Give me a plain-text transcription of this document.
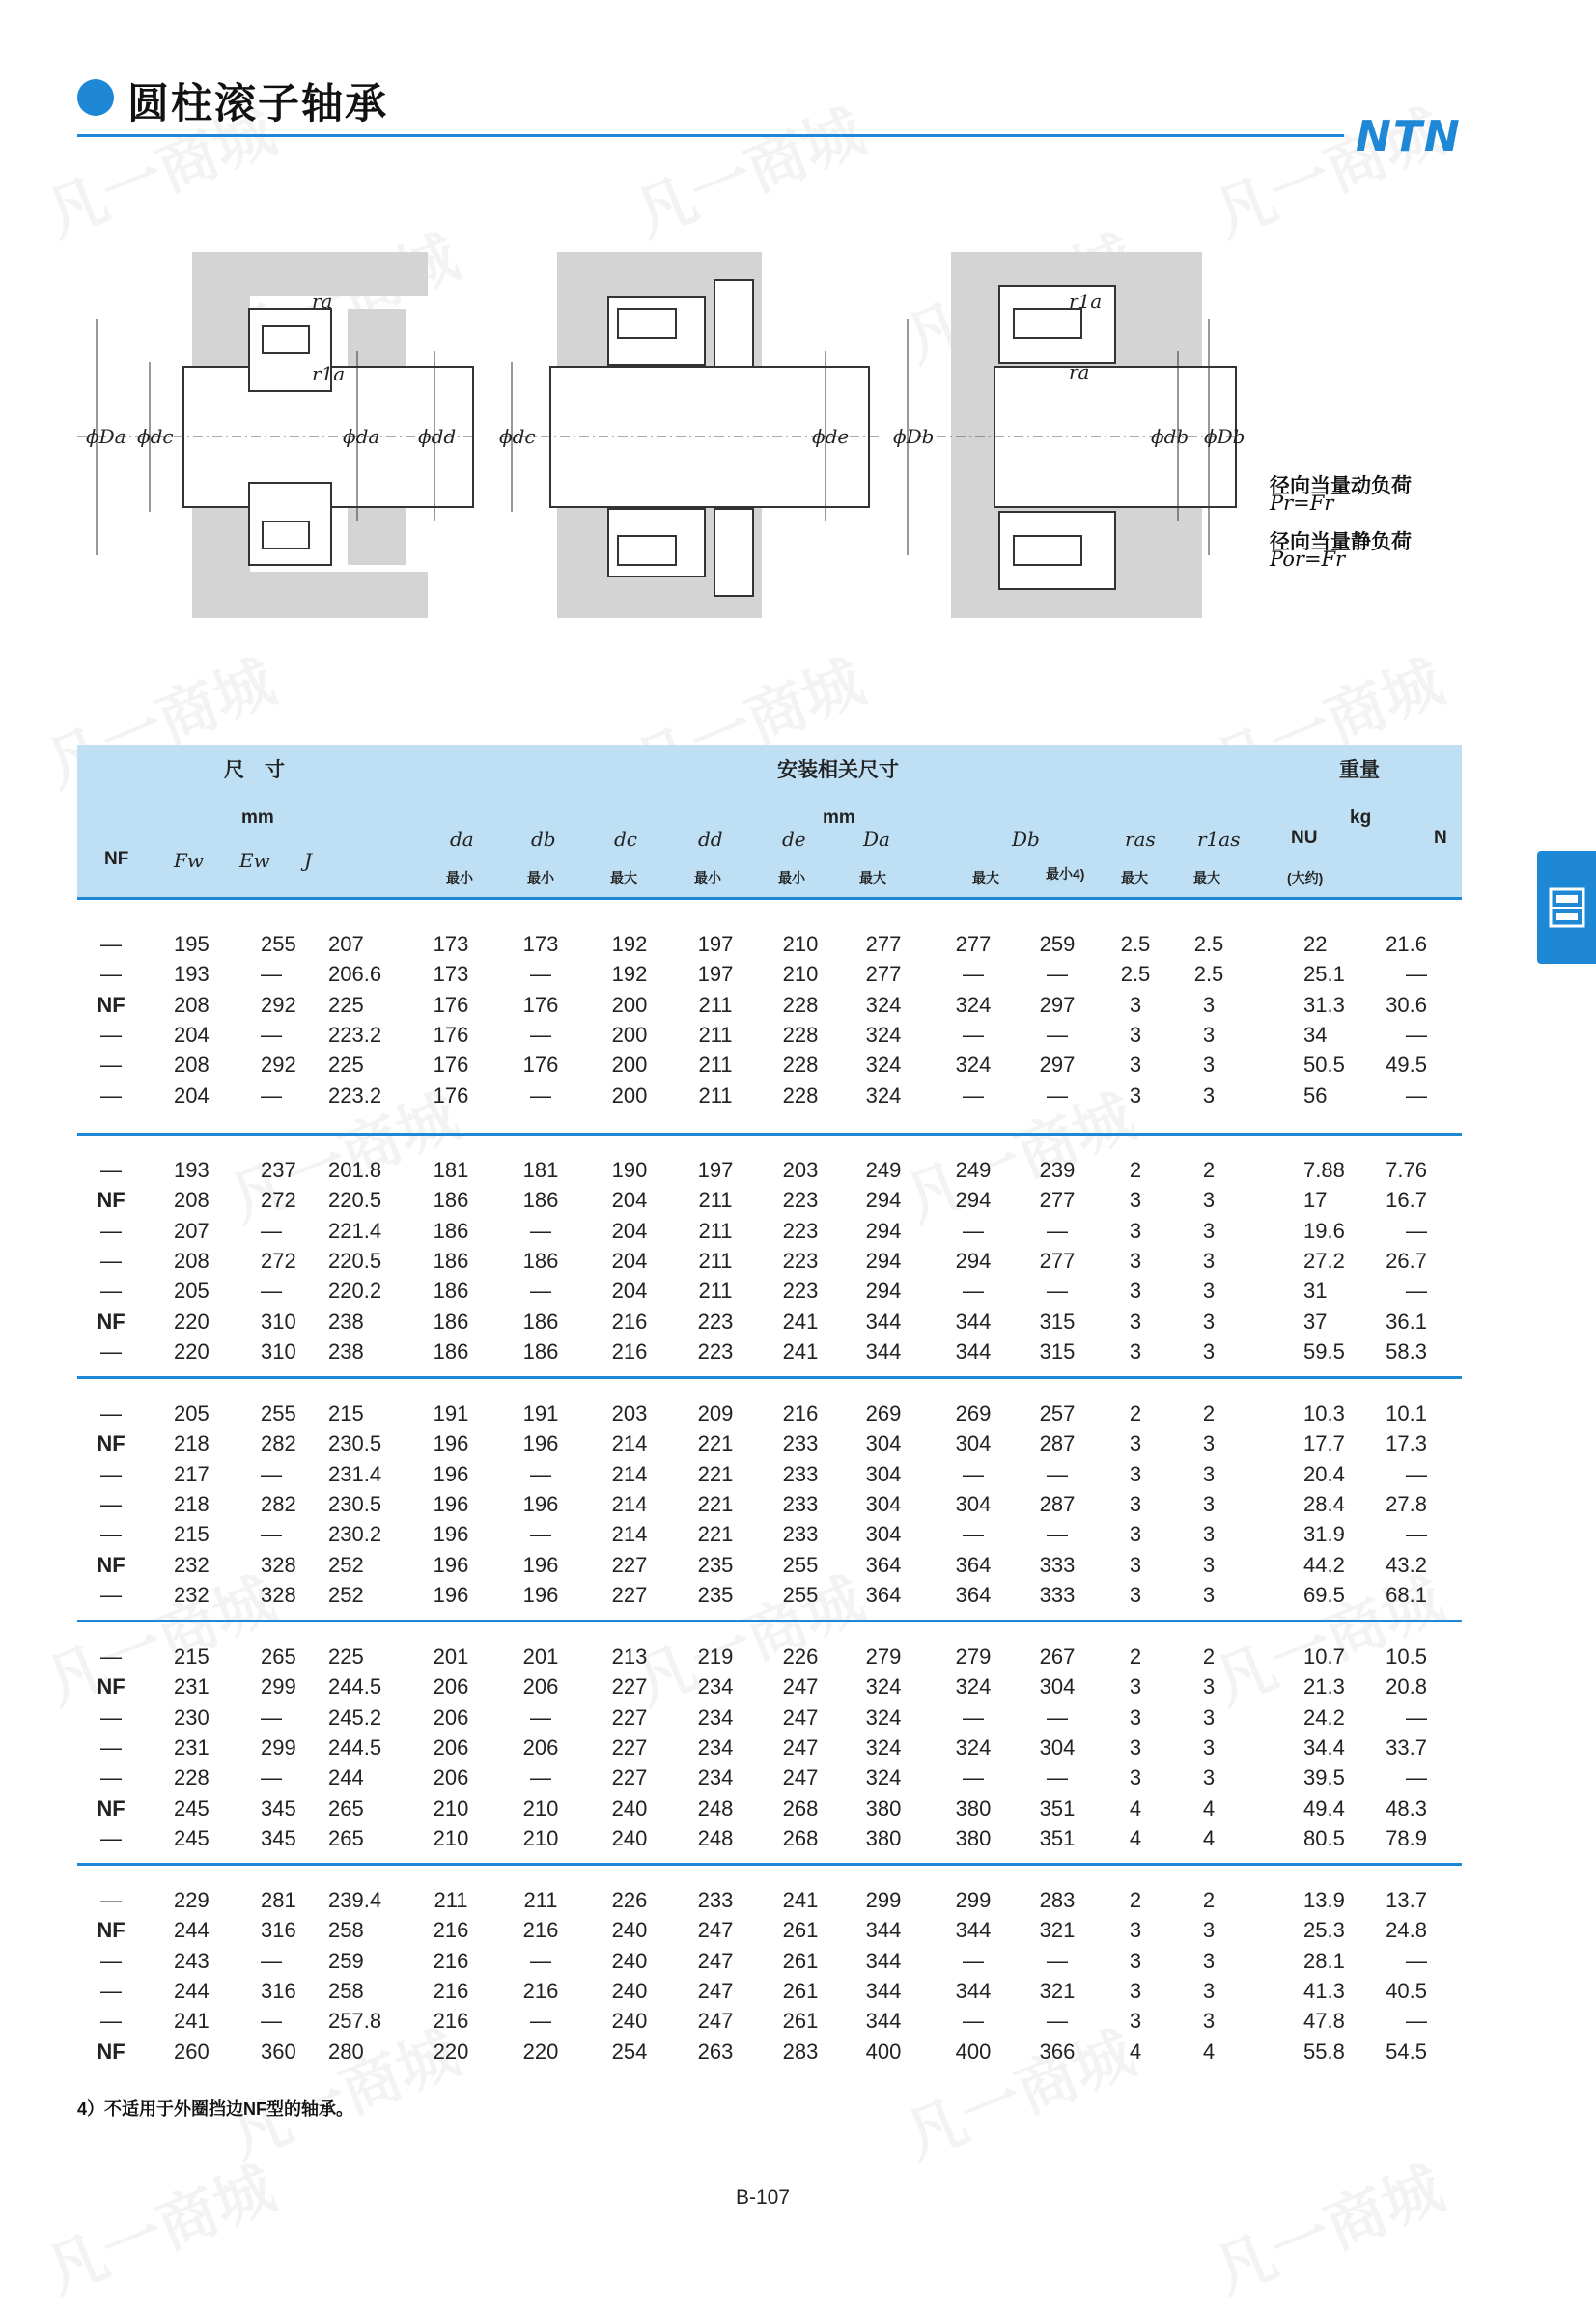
圆柱滚子轴承
NTN
ϕDa ϕdc	ϕda ϕdd
ra
r1a
ϕdc	ϕde ϕDb	ϕdb ϕDb
r1a
ra
径向当量动负荷
Pr=Fr
径向当量静负荷
Por=Fr
尺　寸
mm
安装相关尺寸
mm
重量
kg
NF Fw Ew J
da
最小
db
最小
dc
最大
dd
最小
de
最小
Da
最大
Db	ras
最大
r1as
最大
NU
(大约)
N
最大	最小4)
— 195 255 207	173	173	192 197 210 277	277 259 2.5 2.5	22	21.6
— 193 — 206.6 173	—	192 197 210 277	—	— 2.5 2.5	25.1	—
NF 208 292 225	176	176	200 211 228 324	324 297	3	3	31.3 30.6
— 204 — 223.2 176	—	200 211 228 324	—	—	3	3	34	—
— 208 292 225	176	176	200 211 228 324	324 297	3	3	50.5 49.5
— 204 — 223.2 176	—	200 211 228 324	—	—	3	3	56	—
— 193 237 201.8 181	181	190 197 203 249	249 239	2	2	7.88 7.76
NF 208 272 220.5 186	186	204 211 223 294	294 277	3	3	17	16.7
— 207 — 221.4 186	—	204 211 223 294	—	—	3	3	19.6	—
— 208 272 220.5 186	186	204 211 223 294	294 277	3	3	27.2 26.7
— 205 — 220.2 186	—	204 211 223 294	—	—	3	3	31	—
NF 220 310 238	186	186	216 223 241 344	344 315	3	3	37	36.1
— 220 310 238	186	186	216 223 241 344	344 315	3	3	59.5 58.3
— 205 255 215	191	191	203 209 216 269	269 257	2	2	10.3 10.1
NF 218 282 230.5 196	196	214 221 233 304	304 287	3	3	17.7 17.3
— 217 — 231.4 196	—	214 221 233 304	—	—	3	3	20.4	—
— 218 282 230.5 196	196	214 221 233 304	304 287	3	3	28.4 27.8
— 215 — 230.2 196	—	214 221 233 304	—	—	3	3	31.9	—
NF 232 328 252	196	196	227 235 255 364	364 333	3	3	44.2 43.2
— 232 328 252	196	196	227 235 255 364	364 333	3	3	69.5 68.1
— 215 265 225	201	201	213 219 226 279	279 267	2	2	10.7 10.5
NF 231 299 244.5 206	206	227 234 247 324	324 304	3	3	21.3 20.8
— 230 — 245.2 206	—	227 234 247 324	—	—	3	3	24.2	—
— 231 299 244.5 206	206	227 234 247 324	324 304	3	3	34.4 33.7
— 228 — 244	206	—	227 234 247 324	—	—	3	3	39.5	—
NF 245 345 265	210	210	240 248 268 380	380 351	4	4	49.4 48.3
— 245 345 265	210	210	240 248 268 380	380 351	4	4	80.5 78.9
— 229 281 239.4 211	211	226 233 241 299	299 283	2	2	13.9 13.7
NF 244 316 258	216	216	240 247 261 344	344 321	3	3	25.3 24.8
— 243 — 259	216	—	240 247 261 344	—	—	3	3	28.1	—
— 244 316 258	216	216	240 247 261 344	344 321	3	3	41.3 40.5
— 241 — 257.8 216	—	240 247 261 344	—	—	3	3	47.8	—
NF 260 360 280	220	220	254 263 283 400	400 366	4	4	55.8 54.5
4）不适用于外圈挡边NF型的轴承。
B-107
